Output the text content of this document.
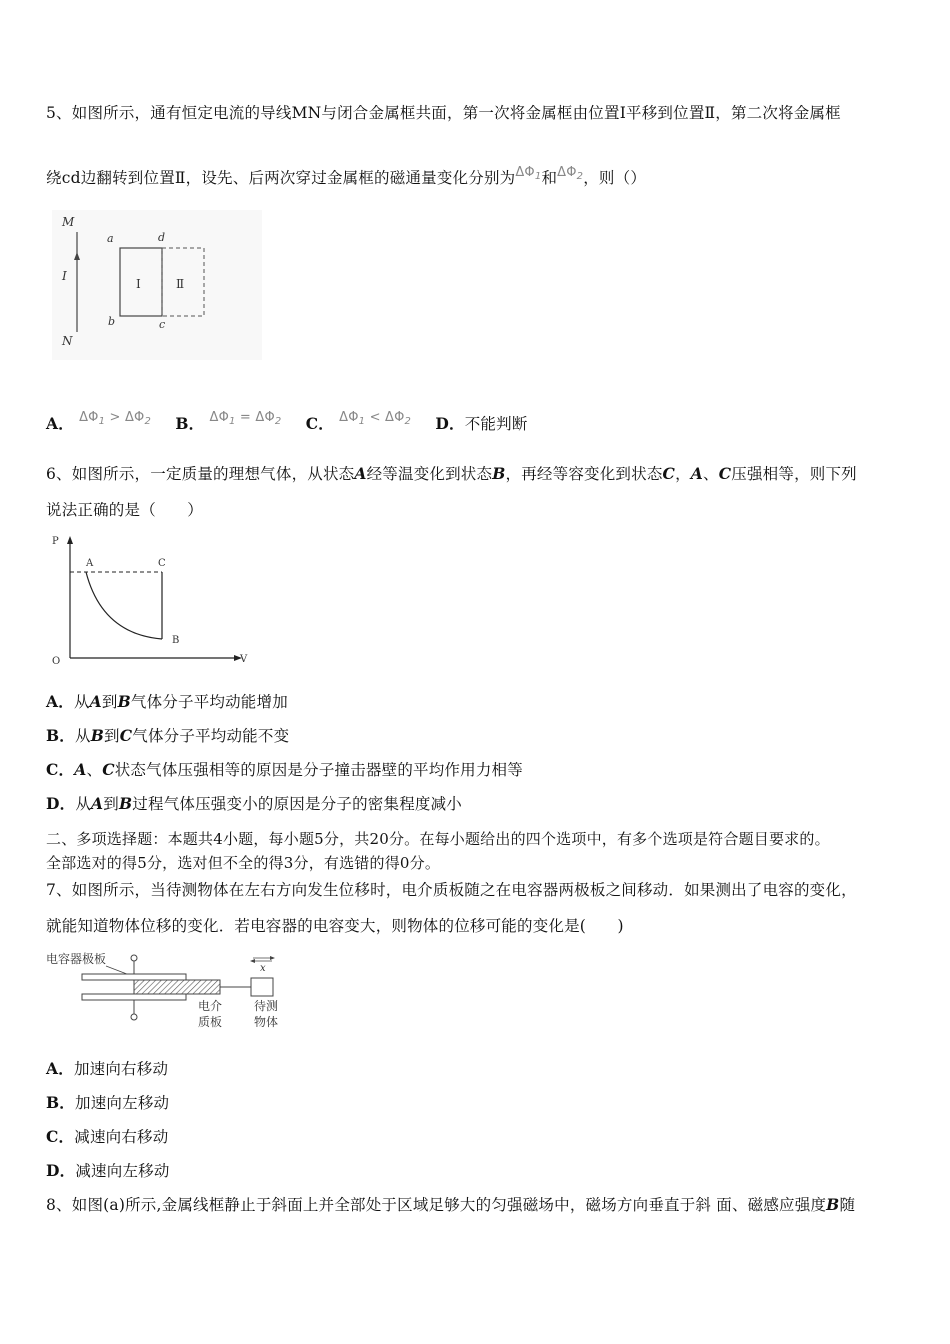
5、如图所示，通有恒定电流的导线MN与闭合金属框共面，第一次将金属框由位置Ⅰ平移到位置Ⅱ，第二次将金属框
绕cd边翻转到位置Ⅱ，设先、后两次穿过金属框的磁通量变化分别为$^{\Delta\Phi_1}$和$^{\Delta\Phi_2}$，则（）
M
I
N
a	d
b	c
Ⅰ	Ⅱ
A． $^{\Delta\Phi_1 > \Delta\Phi_2}$ B． $^{\Delta\Phi_1 = \Delta\Phi_2}$ C． $^{\Delta\Phi_1 < \Delta\Phi_2}$ D．不能判断
6、如图所示，一定质量的理想气体，从状态A经等温变化到状态B，再经等容变化到状态C，A、C压强相等，则下列
说法正确的是（　　）
P
V
O
A	C
B
A．从A到B气体分子平均动能增加
B．从B到C气体分子平均动能不变
C．A、C状态气体压强相等的原因是分子撞击器壁的平均作用力相等
D．从A到B过程气体压强变小的原因是分子的密集程度减小
二、多项选择题：本题共4小题，每小题5分，共20分。在每小题给出的四个选项中，有多个选项是符合题目要求的。
全部选对的得5分，选对但不全的得3分，有选错的得0分。
7、如图所示，当待测物体在左右方向发生位移时，电介质板随之在电容器两极板之间移动．如果测出了电容的变化，
就能知道物体位移的变化．若电容器的电容变大，则物体的位移可能的变化是(　　)
电容器极板
x
电介
质板
待测
物体
A．加速向右移动
B．加速向左移动
C．减速向右移动
D．减速向左移动
8、如图(a)所示,金属线框静止于斜面上并全部处于区域足够大的匀强磁场中，磁场方向垂直于斜 面、磁感应强度B随
